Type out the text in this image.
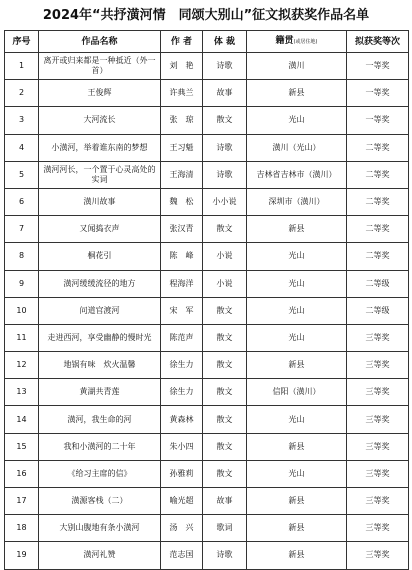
2024年“共抒潢河情　同颂大别山”征文拟获奖作品名单
序号	作品名称	作 者	体 裁	籍贯(或居住地)	拟获奖等次
1	离开或归来都是一种抵近（外一首）	刘　艳	诗歌	潢川	一等奖
2	王俊辉	许典兰	故事	新县	一等奖
3	大河流长	张　琼	散文	光山	一等奖
4	小潢河，举着谁东南的梦想	王习魁	诗歌	潢川（光山）	二等奖
5	潢河河长，一个置于心灵高处的实词	王海清	诗歌	吉林省吉林市（潢川）	二等奖
6	潢川故事	魏　松	小小说	深圳市（潢川）	二等奖
7	又闻捣衣声	张汉青	散文	新县	二等奖
8	桐花引	陈　峰	小说	光山	二等奖
9	潢河缓缓流径的地方	程海洋	小说	光山	二等级
10	问道官渡河	宋　军	散文	光山	二等级
11	走进西河，享受幽静的慢时光	陈范声	散文	光山	三等奖
12	地锅有味　炊火温馨	徐生力	散文	新县	三等奖
13	黄湖共青莲	徐生力	散文	信阳（潢川）	三等奖
14	潢河，我生命的河	黄森林	散文	光山	三等奖
15	我和小潢河的二十年	朱小四	散文	新县	三等奖
16	《给习主席的信》	孙雅莉	散文	光山	三等奖
17	潢源客栈（二）	喻光超	故事	新县	三等奖
18	大别山腹地有条小潢河	汤　兴	歌词	新县	三等奖
19	潢河礼赞	范志国	诗歌	新县	三等奖
